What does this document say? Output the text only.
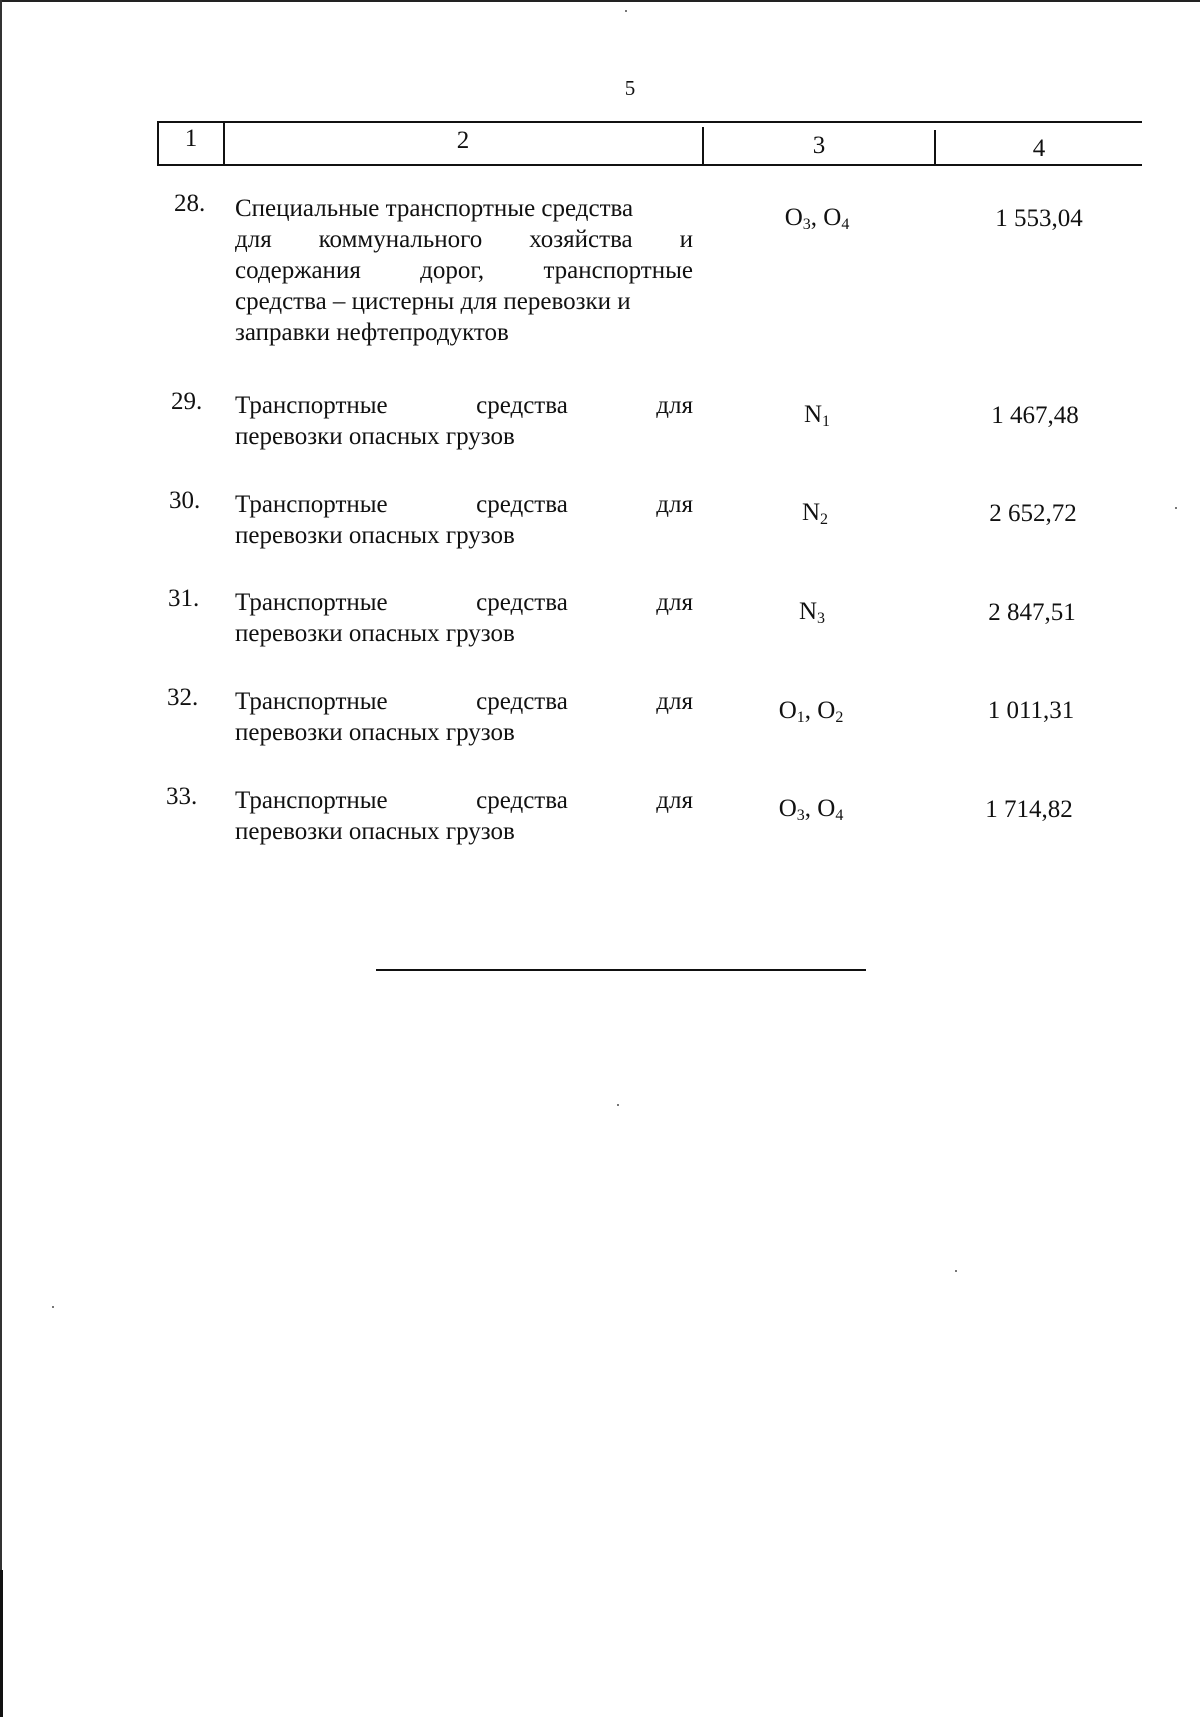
5
1	2	3	4
28. Специальные транспортные средства
для коммунального хозяйства и
содержания дорог, транспортные
средства – цистерны для перевозки и
заправки нефтепродуктов
$O_3$, $O_4$	1 553,04
29. Транспортные средства для
перевозки опасных грузов
$N_1$	1 467,48
30. Транспортные средства для
перевозки опасных грузов
$N_2$	2 652,72
31. Транспортные средства для
перевозки опасных грузов
$N_3$	2 847,51
32. Транспортные средства для
перевозки опасных грузов
$O_1$, $O_2$	1 011,31
33. Транспортные средства для
перевозки опасных грузов
$O_3$, $O_4$	1 714,82
